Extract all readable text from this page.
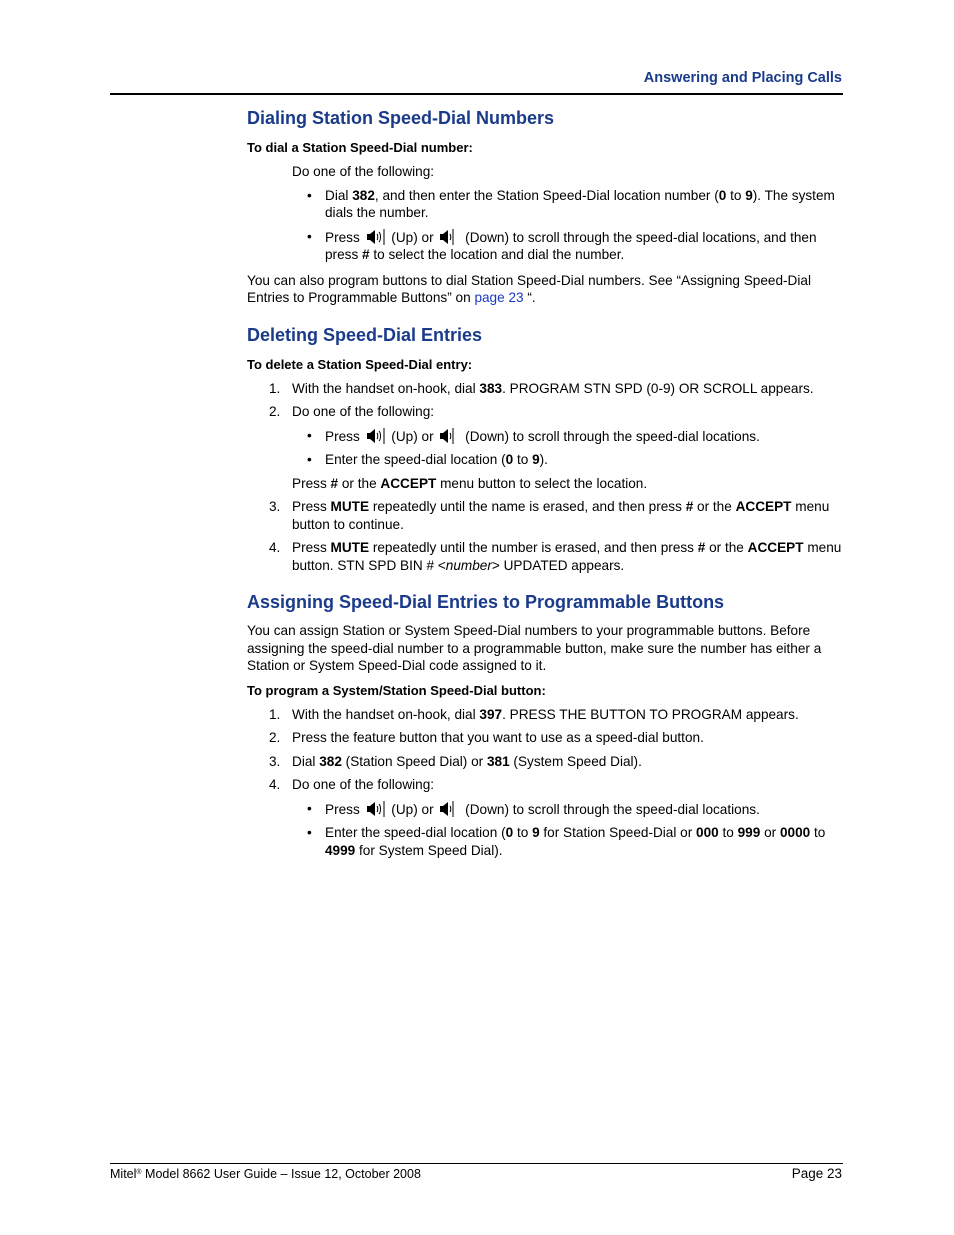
Answering and Placing Calls
Dialing Station Speed-Dial Numbers
To dial a Station Speed-Dial number:

Do one of the following:

• Dial 382, and then enter the Station Speed-Dial location number (0 to 9). The system dials the number.
• Press
(Up) or
(Down) to scroll through the speed-dial locations, and then press # to select the location and dial the number.

You can also program buttons to dial Station Speed-Dial numbers. See “Assigning Speed-Dial Entries to Programmable Buttons” on page 23 “.

Deleting Speed-Dial Entries
To delete a Station Speed-Dial entry:
1. With the handset on-hook, dial 383. PROGRAM STN SPD (0-9) OR SCROLL appears.
2. Do one of the following:
• Press
(Up) or
(Down) to scroll through the speed-dial locations.
• Enter the speed-dial location (0 to 9).

Press # or the ACCEPT menu button to select the location.

3. Press MUTE repeatedly until the name is erased, and then press # or the ACCEPT menu button to continue.
4. Press MUTE repeatedly until the number is erased, and then press # or the ACCEPT menu button. STN SPD BIN # <number> UPDATED appears.
Assigning Speed-Dial Entries to Programmable Buttons

You can assign Station or System Speed-Dial numbers to your programmable buttons. Before assigning the speed-dial number to a programmable button, make sure the number has either a Station or System Speed-Dial code assigned to it.

To program a System/Station Speed-Dial button:
1. With the handset on-hook, dial 397. PRESS THE BUTTON TO PROGRAM appears.
2. Press the feature button that you want to use as a speed-dial button.
3. Dial 382 (Station Speed Dial) or 381 (System Speed Dial).
4. Do one of the following:
• Press
(Up) or
(Down) to scroll through the speed-dial locations.
• Enter the speed-dial location (0 to 9 for Station Speed-Dial or 000 to 999 or 0000 to 4999 for System Speed Dial).
Mitel® Model 8662 User Guide – Issue 12, October 2008	Page 23
